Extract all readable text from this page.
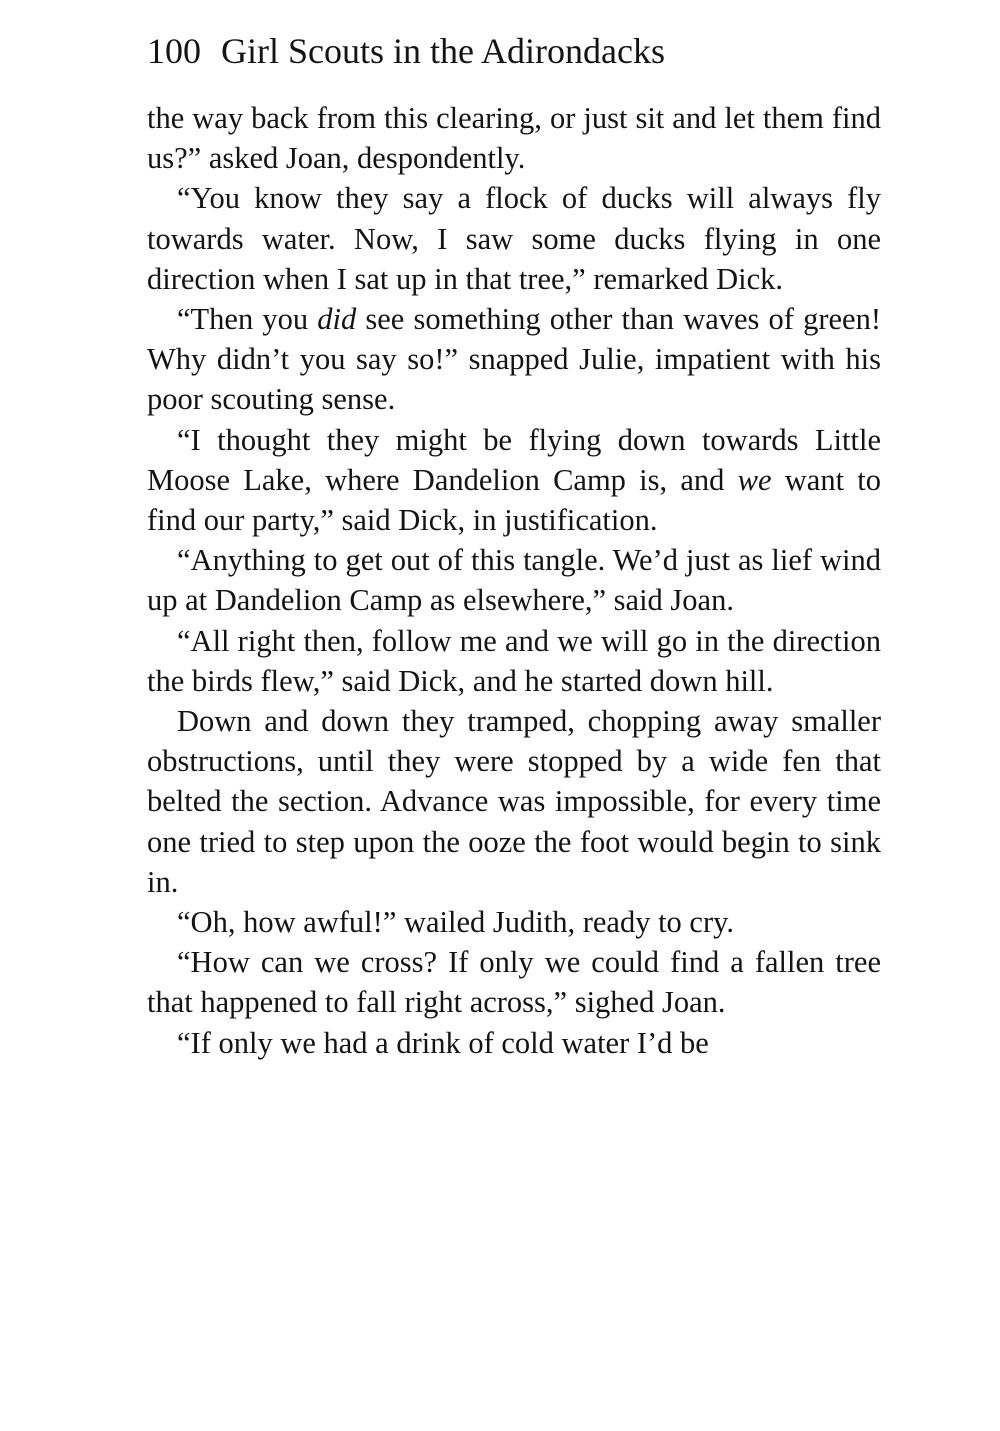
100 Girl Scouts in the Adirondacks

the way back from this clearing, or just sit and let them find us?” asked Joan, despondently.

“You know they say a flock of ducks will always fly towards water. Now, I saw some ducks flying in one direction when I sat up in that tree,” remarked Dick.

“Then you did see something other than waves of green! Why didn’t you say so!” snapped Julie, impatient with his poor scouting sense.

“I thought they might be flying down towards Little Moose Lake, where Dandelion Camp is, and we want to find our party,” said Dick, in justification.

“Anything to get out of this tangle. We’d just as lief wind up at Dandelion Camp as elsewhere,” said Joan.

“All right then, follow me and we will go in the direction the birds flew,” said Dick, and he started down hill.

Down and down they tramped, chopping away smaller obstructions, until they were stopped by a wide fen that belted the section. Advance was impossible, for every time one tried to step upon the ooze the foot would begin to sink in.

“Oh, how awful!” wailed Judith, ready to cry.

“How can we cross? If only we could find a fallen tree that happened to fall right across,” sighed Joan.

“If only we had a drink of cold water I’d be
